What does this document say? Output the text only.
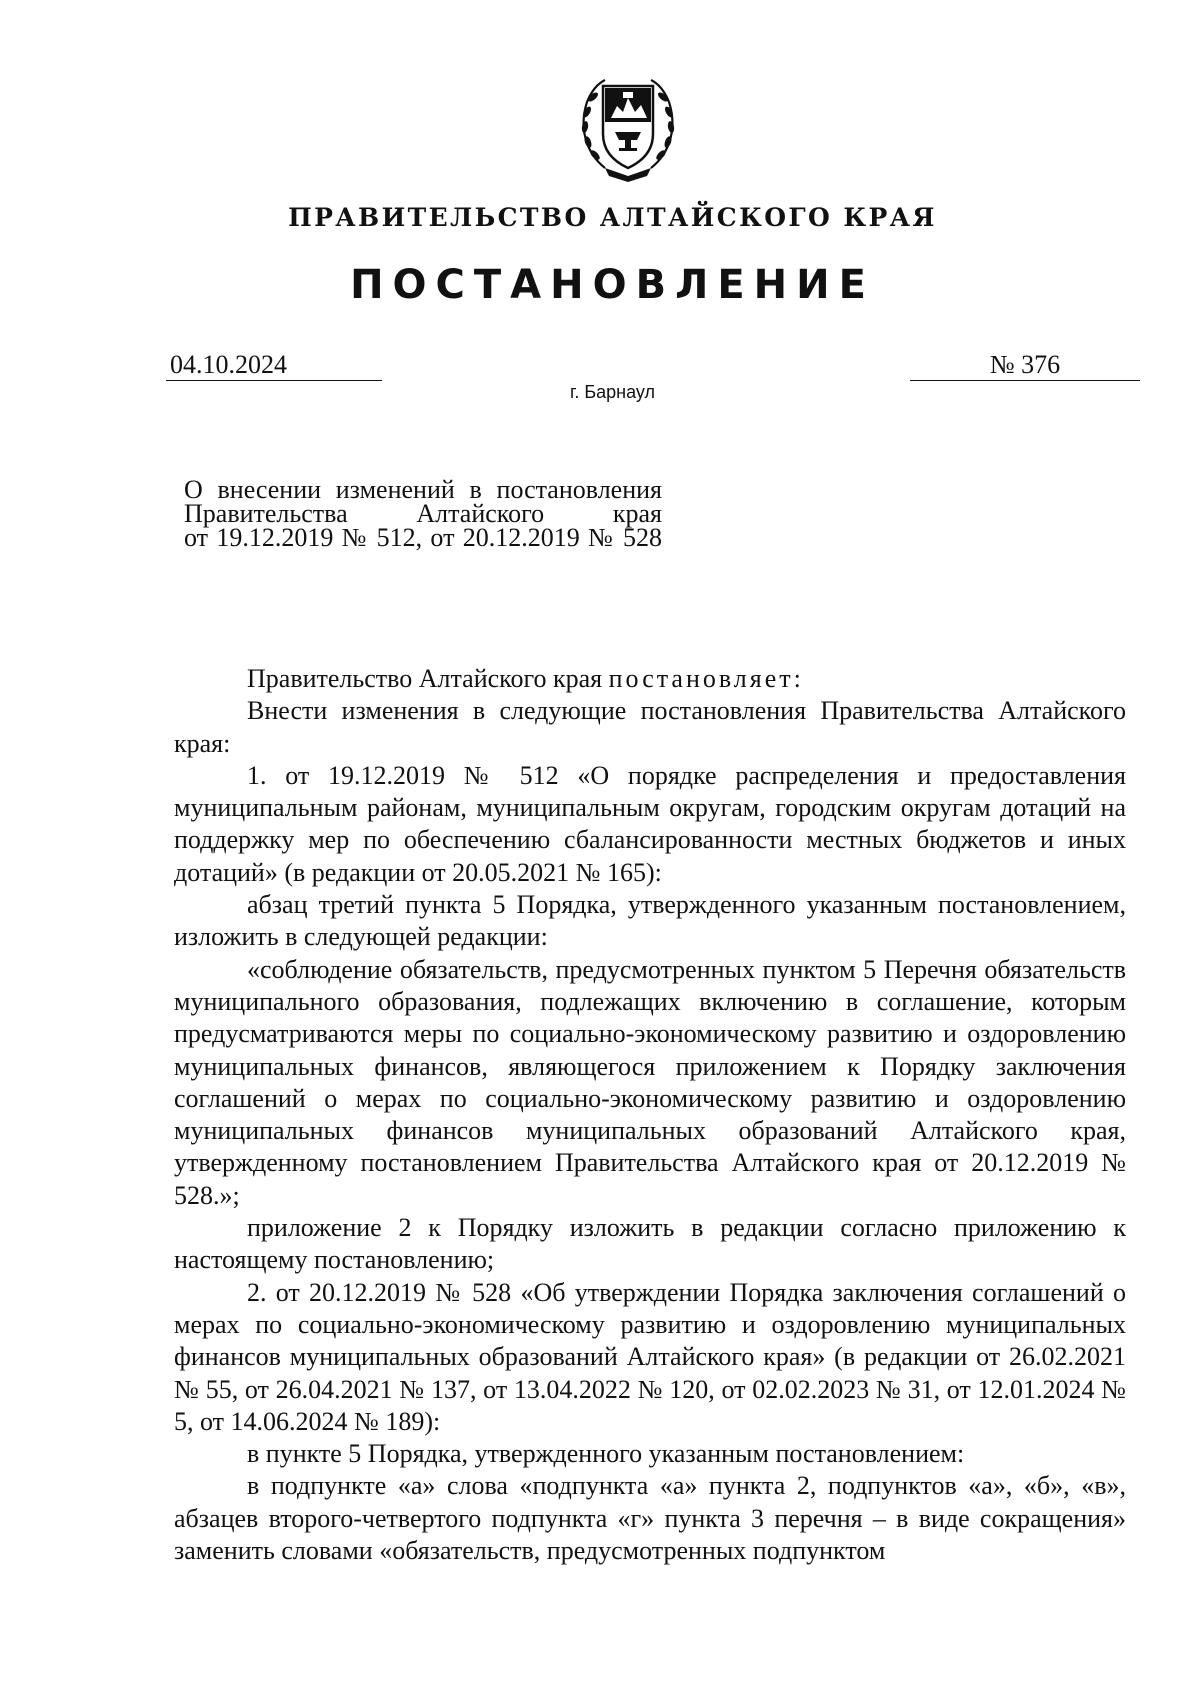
ПРАВИТЕЛЬСТВО АЛТАЙСКОГО КРАЯ
ПОСТАНОВЛЕНИЕ
04.10.2024	№ 376
г. Барнаул
О внесении изменений в постановления
Правительства Алтайского края
от 19.12.2019 № 512, от 20.12.2019 № 528

Правительство Алтайского края постановляет:

Внести изменения в следующие постановления Правительства Алтайского края:

1. от 19.12.2019 № 512 «О порядке распределения и предоставления муниципальным районам, муниципальным округам, городским округам дотаций на поддержку мер по обеспечению сбалансированности местных бюджетов и иных дотаций» (в редакции от 20.05.2021 № 165):

абзац третий пункта 5 Порядка, утвержденного указанным постановлением, изложить в следующей редакции:

«соблюдение обязательств, предусмотренных пунктом 5 Перечня обязательств муниципального образования, подлежащих включению в соглашение, которым предусматриваются меры по социально-экономическому развитию и оздоровлению муниципальных финансов, являющегося приложением к Порядку заключения соглашений о мерах по социально-экономическому развитию и оздоровлению муниципальных финансов муниципальных образований Алтайского края, утвержденному постановлением Правительства Алтайского края от 20.12.2019 № 528.»;

приложение 2 к Порядку изложить в редакции согласно приложению к настоящему постановлению;

2. от 20.12.2019 № 528 «Об утверждении Порядка заключения соглашений о мерах по социально-экономическому развитию и оздоровлению муниципальных финансов муниципальных образований Алтайского края» (в редакции от 26.02.2021 № 55, от 26.04.2021 № 137, от 13.04.2022 № 120, от 02.02.2023 № 31, от 12.01.2024 № 5, от 14.06.2024 № 189):

в пункте 5 Порядка, утвержденного указанным постановлением:

в подпункте «а» слова «подпункта «а» пункта 2, подпунктов «а», «б», «в», абзацев второго-четвертого подпункта «г» пункта 3 перечня – в виде сокращения» заменить словами «обязательств, предусмотренных подпунктом
